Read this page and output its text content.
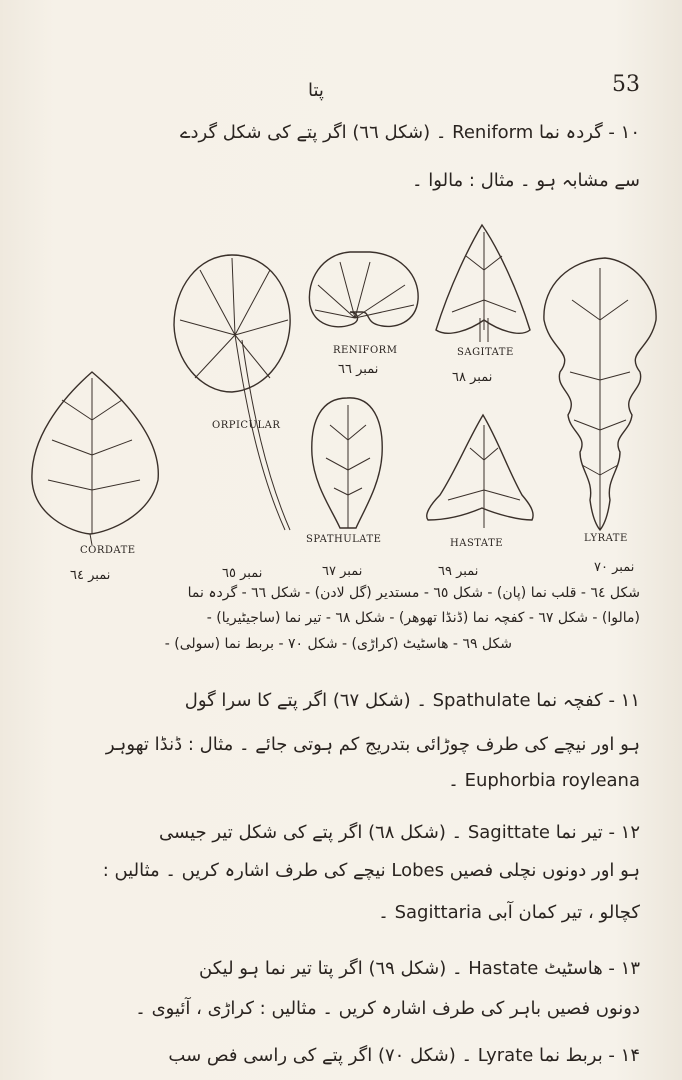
53
پتا
۱۰ - گردہ نما Reniform ۔ (شکل ٦٦) اگر پتے کی شکل گردے
سے مشابہ ہو ۔ مثال : مالوا ۔
CORDATE
ORPICULAR
RENIFORM	SAGITATE
LYRATE
SPATHULATE	HASTATE
نمبر ٦٦
نمبر ٦٨
نمبر ٦٤	نمبر ٦٥	نمبر ٦٧	نمبر ٦٩	نمبر ٧٠
شکل ٦٤ - قلب نما (پان) - شکل ٦٥ - مستدیر (گل لادن) - شکل ٦٦ - گردہ نما
(مالوا) - شکل ٦٧ - کفچہ نما (ڈنڈا تھوھر) - شکل ٦٨ - تیر نما (ساجیٹیریا) -
شکل ٦٩ - ھاسٹیٹ (کراڑی) - شکل ٧٠ - بربط نما (سولی) -
۱۱ - کفچہ نما Spathulate ۔ (شکل ٦٧) اگر پتے کا سرا گول
ہو اور نیچے کی طرف چوڑائی بتدریج کم ہوتی جائے ۔ مثال : ڈنڈا تھوہر
Euphorbia royleana ۔
۱۲ - تیر نما Sagittate ۔ (شکل ٦٨) اگر پتے کی شکل تیر جیسی
ہو اور دونوں نچلی فصیں Lobes نیچے کی طرف اشارہ کریں ۔ مثالیں :
کچالو ، تیر کمان آبی Sagittaria ۔
۱۳ - ھاسٹیٹ Hastate ۔ (شکل ٦٩) اگر پتا تیر نما ہو لیکن
دونوں فصیں باہر کی طرف اشارہ کریں ۔ مثالیں : کراڑی ، آئیوی ۔
۱۴ - بربط نما Lyrate ۔ (شکل ٧٠) اگر پتے کی راسی فص سب
